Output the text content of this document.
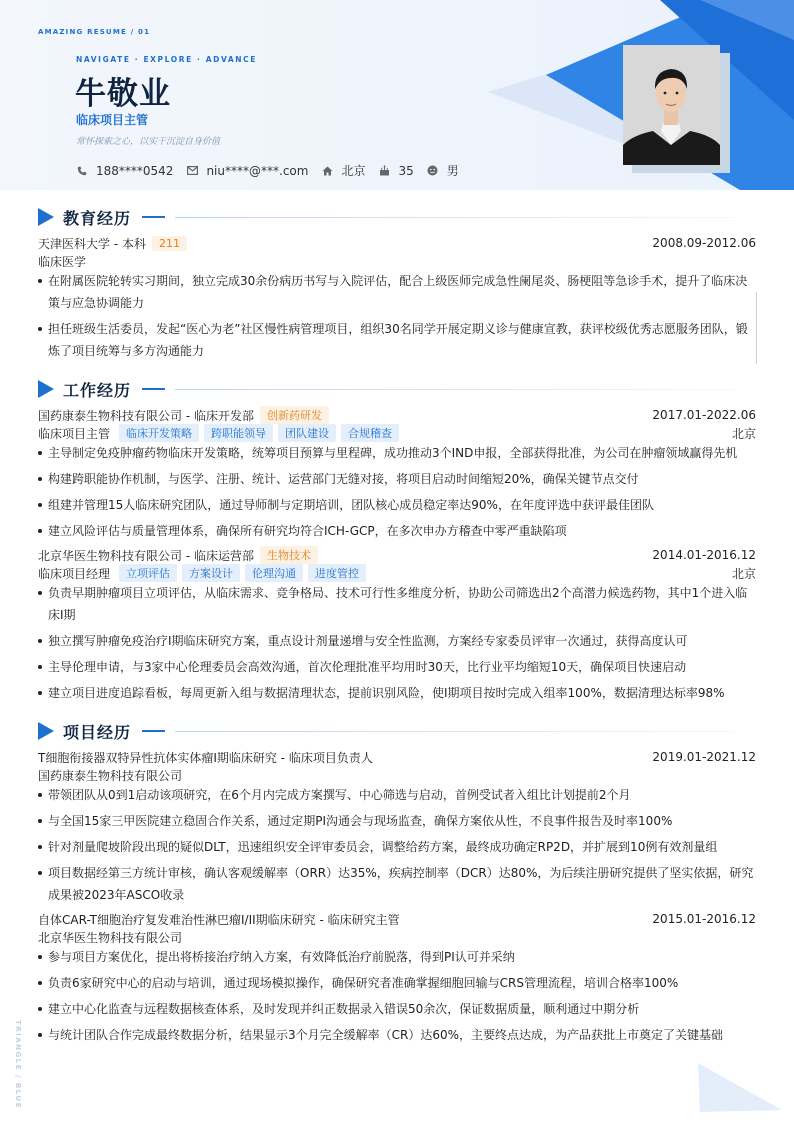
AMAZING RESUME / 01
NAVIGATE · EXPLORE · ADVANCE
牛敬业
临床项目主管
常怀探索之心，以实干沉淀自身价值
188****0542	niu****@***.com	北京	35	男
教育经历
天津医科大学 - 本科	211	2008.09-2012.06
临床医学
在附属医院轮转实习期间，独立完成30余份病历书写与入院评估，配合上级医师完成急性阑尾炎、肠梗阻等急诊手术，提升了临床决策与应急协调能力
担任班级生活委员，发起“医心为老”社区慢性病管理项目，组织30名同学开展定期义诊与健康宣教，获评校级优秀志愿服务团队，锻炼了项目统筹与多方沟通能力
工作经历
国药康泰生物科技有限公司 - 临床开发部	创新药研发	2017.01-2022.06
临床项目主管	临床开发策略	跨职能领导	团队建设	合规稽查	北京
主导制定免疫肿瘤药物临床开发策略，统筹项目预算与里程碑，成功推动3个IND申报，全部获得批准，为公司在肿瘤领域赢得先机
构建跨职能协作机制，与医学、注册、统计、运营部门无缝对接，将项目启动时间缩短20%，确保关键节点交付
组建并管理15人临床研究团队，通过导师制与定期培训，团队核心成员稳定率达90%，在年度评选中获评最佳团队
建立风险评估与质量管理体系，确保所有研究均符合ICH-GCP，在多次申办方稽查中零严重缺陷项
北京华医生物科技有限公司 - 临床运营部	生物技术	2014.01-2016.12
临床项目经理	立项评估	方案设计	伦理沟通	进度管控	北京
负责早期肿瘤项目立项评估，从临床需求、竞争格局、技术可行性多维度分析，协助公司筛选出2个高潜力候选药物，其中1个进入临床I期
独立撰写肿瘤免疫治疗I期临床研究方案，重点设计剂量递增与安全性监测，方案经专家委员评审一次通过，获得高度认可
主导伦理申请，与3家中心伦理委员会高效沟通，首次伦理批准平均用时30天，比行业平均缩短10天，确保项目快速启动
建立项目进度追踪看板，每周更新入组与数据清理状态，提前识别风险，使I期项目按时完成入组率100%，数据清理达标率98%
项目经历
T细胞衔接器双特异性抗体实体瘤I期临床研究 - 临床项目负责人	2019.01-2021.12
国药康泰生物科技有限公司
带领团队从0到1启动该项研究，在6个月内完成方案撰写、中心筛选与启动，首例受试者入组比计划提前2个月
与全国15家三甲医院建立稳固合作关系，通过定期PI沟通会与现场监查，确保方案依从性，不良事件报告及时率100%
针对剂量爬坡阶段出现的疑似DLT，迅速组织安全评审委员会，调整给药方案，最终成功确定RP2D，并扩展到10例有效剂量组
项目数据经第三方统计审核，确认客观缓解率（ORR）达35%，疾病控制率（DCR）达80%，为后续注册研究提供了坚实依据，研究成果被2023年ASCO收录
自体CAR-T细胞治疗复发难治性淋巴瘤I/II期临床研究 - 临床研究主管	2015.01-2016.12
北京华医生物科技有限公司
参与项目方案优化，提出将桥接治疗纳入方案，有效降低治疗前脱落，得到PI认可并采纳
负责6家研究中心的启动与培训，通过现场模拟操作，确保研究者准确掌握细胞回输与CRS管理流程，培训合格率100%
建立中心化监查与远程数据核查体系，及时发现并纠正数据录入错误50余次，保证数据质量，顺利通过中期分析
与统计团队合作完成最终数据分析，结果显示3个月完全缓解率（CR）达60%，主要终点达成，为产品获批上市奠定了关键基础
TRIANGLE / BLUE
